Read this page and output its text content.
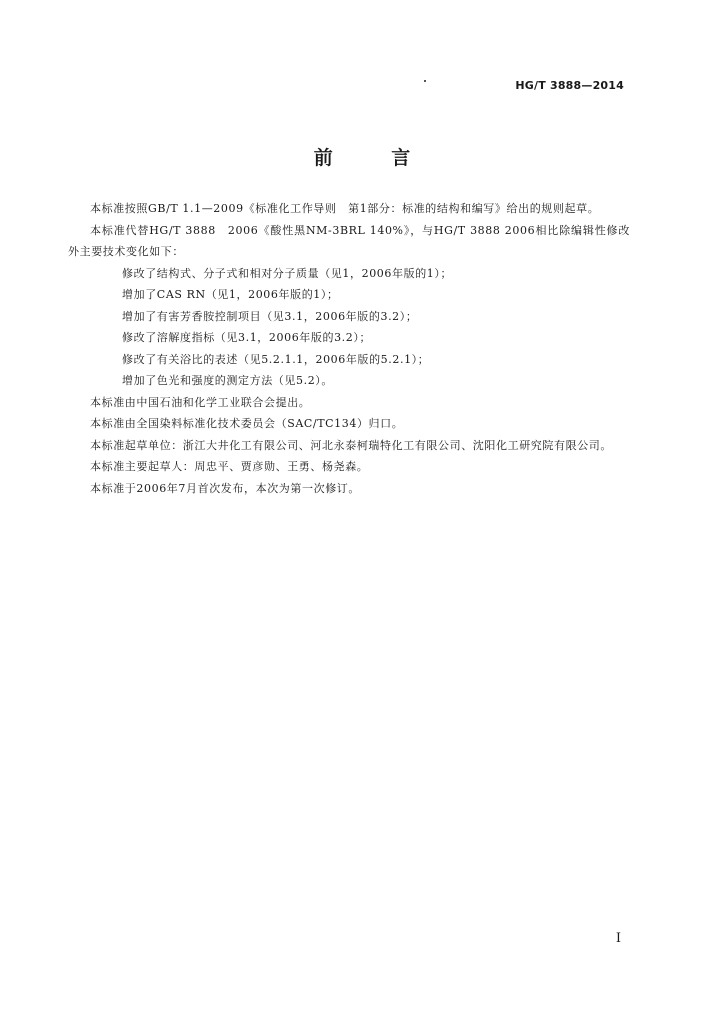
HG/T 3888—2014
前 言

本标准按照GB/T 1.1—2009《标准化工作导则　第1部分：标准的结构和编写》给出的规则起草。

本标准代替HG/T 3888　2006《酸性黑NM-3BRL 140%》，与HG/T 3888 2006相比除编辑性修改外主要技术变化如下：

修改了结构式、分子式和相对分子质量（见1，2006年版的1）；

增加了CAS RN（见1，2006年版的1）；

增加了有害芳香胺控制项目（见3.1，2006年版的3.2）；

修改了溶解度指标（见3.1，2006年版的3.2）；

修改了有关浴比的表述（见5.2.1.1，2006年版的5.2.1）；

增加了色光和强度的测定方法（见5.2）。

本标准由中国石油和化学工业联合会提出。

本标准由全国染料标准化技术委员会（SAC/TC134）归口。

本标准起草单位：浙江大井化工有限公司、河北永泰柯瑞特化工有限公司、沈阳化工研究院有限公司。

本标准主要起草人：周忠平、贾彦勋、王勇、杨尧森。

本标准于2006年7月首次发布，本次为第一次修订。

I
